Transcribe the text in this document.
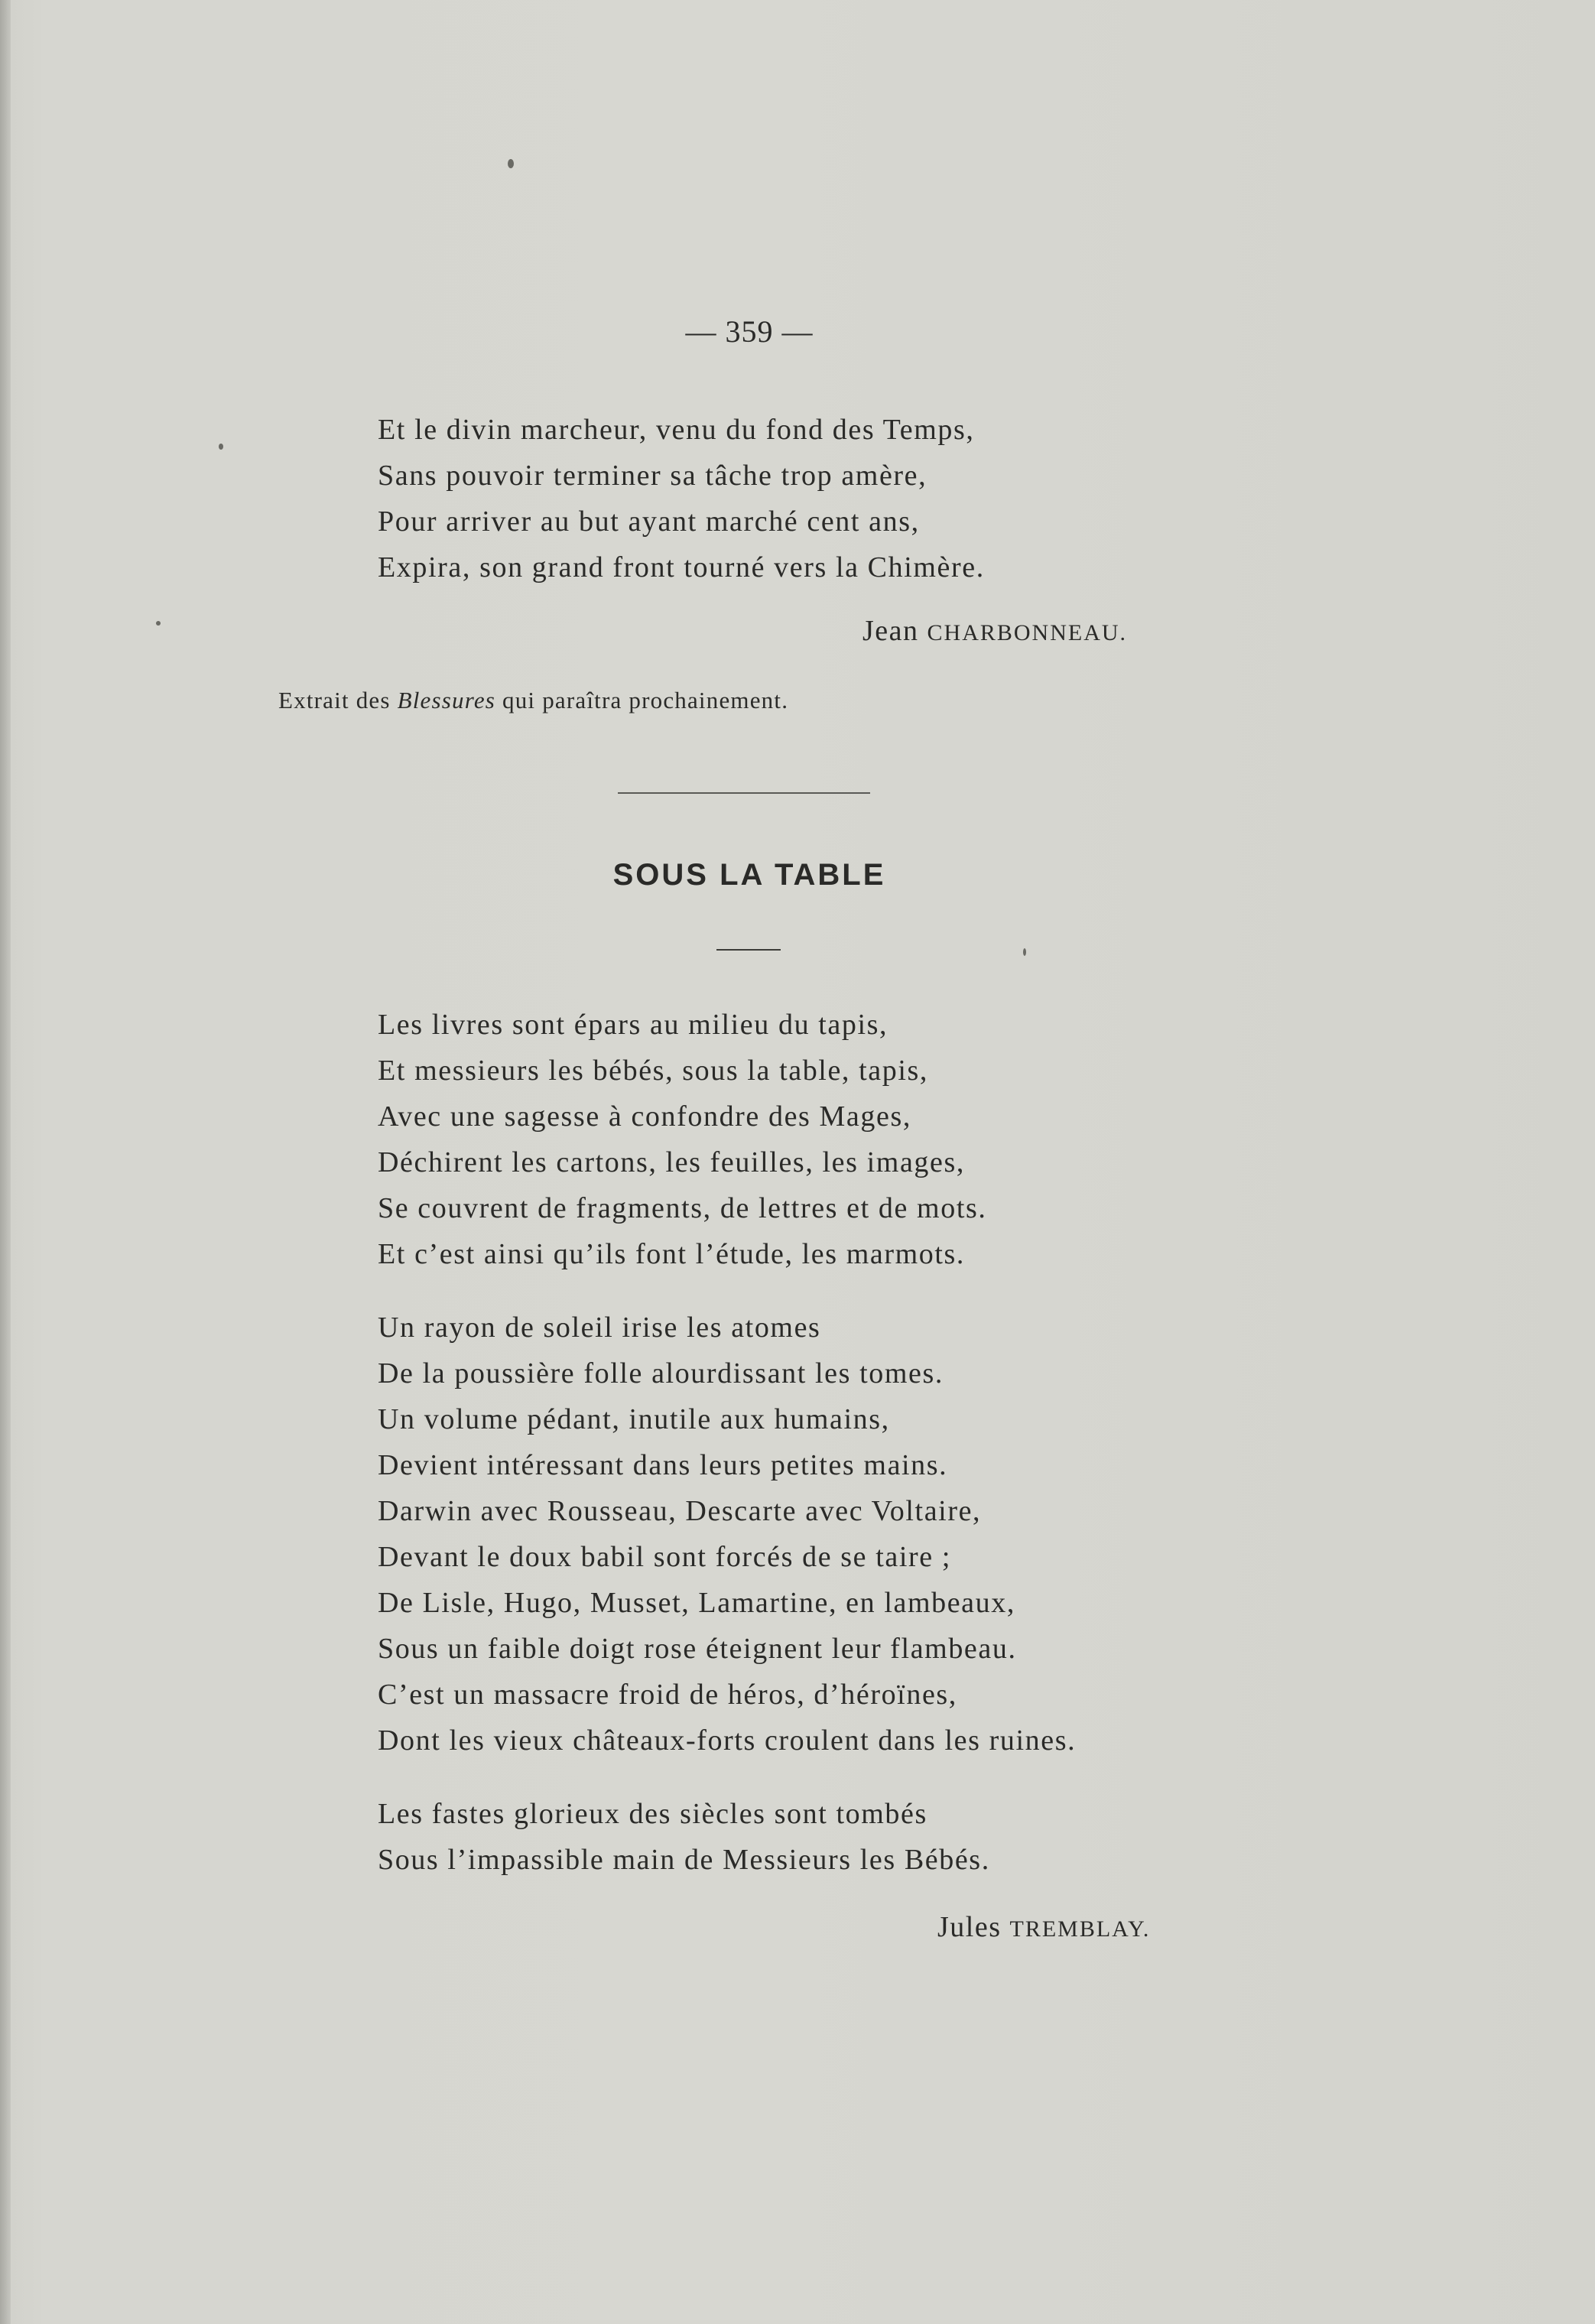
— 359 —
Et le divin marcheur, venu du fond des Temps,
Sans pouvoir terminer sa tâche trop amère,
Pour arriver au but ayant marché cent ans,
Expira, son grand front tourné vers la Chimère.
Jean CHARBONNEAU.
Extrait des Blessures qui paraîtra prochainement.
SOUS LA TABLE
Les livres sont épars au milieu du tapis,
Et messieurs les bébés, sous la table, tapis,
Avec une sagesse à confondre des Mages,
Déchirent les cartons, les feuilles, les images,
Se couvrent de fragments, de lettres et de mots.
Et c’est ainsi qu’ils font l’étude, les marmots.
Un rayon de soleil irise les atomes
De la poussière folle alourdissant les tomes.
Un volume pédant, inutile aux humains,
Devient intéressant dans leurs petites mains.
Darwin avec Rousseau, Descarte avec Voltaire,
Devant le doux babil sont forcés de se taire ;
De Lisle, Hugo, Musset, Lamartine, en lambeaux,
Sous un faible doigt rose éteignent leur flambeau.
C’est un massacre froid de héros, d’héroïnes,
Dont les vieux châteaux-forts croulent dans les ruines.
Les fastes glorieux des siècles sont tombés
Sous l’impassible main de Messieurs les Bébés.
Jules TREMBLAY.
